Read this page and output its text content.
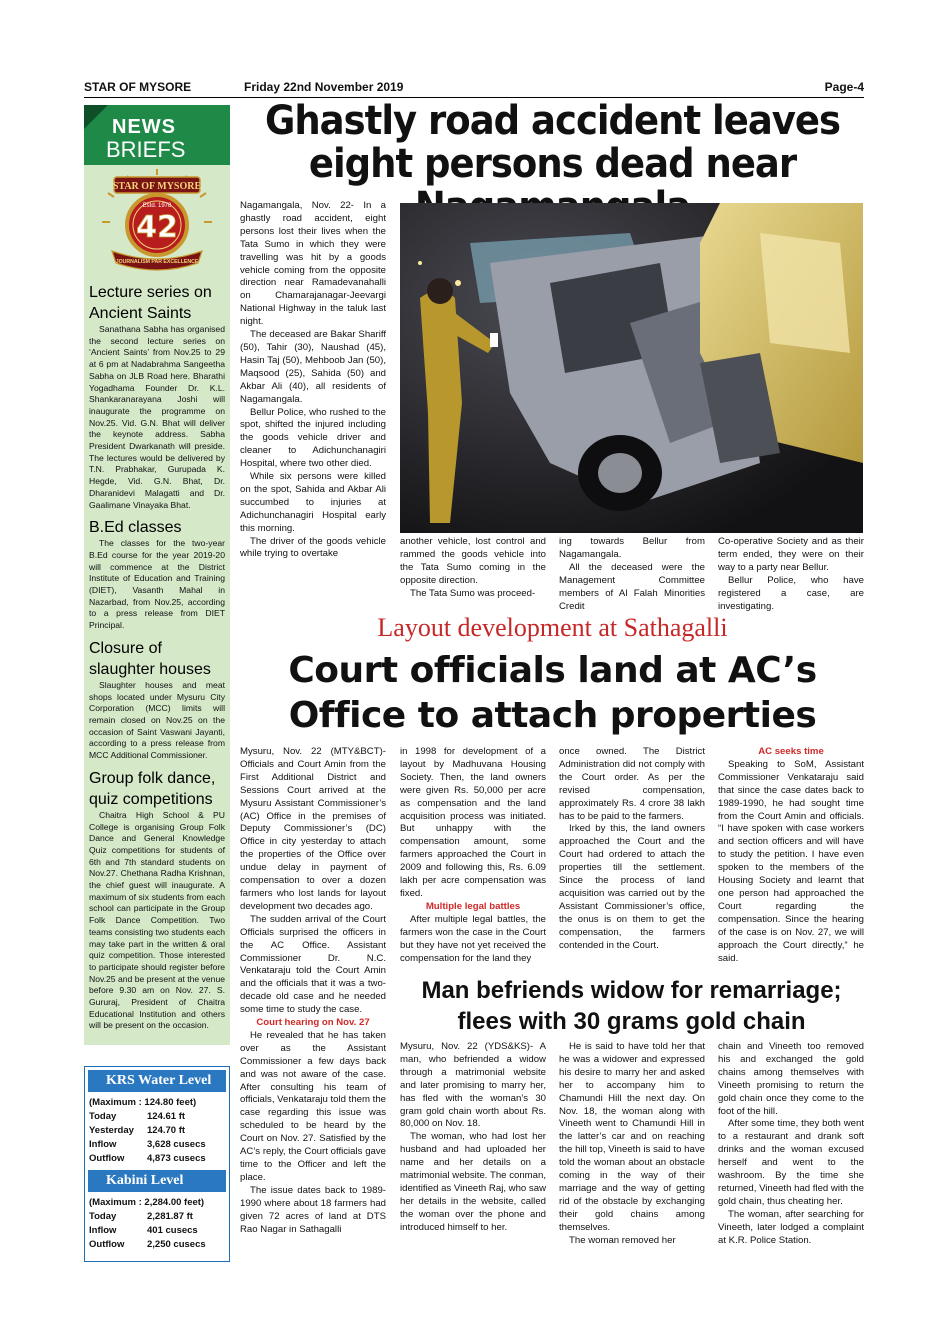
STAR OF MYSORE	Friday 22nd November 2019	Page-4
NEWS
BRIEFS
STAR OF MYSORE
Estd. 1978
42
JOURNALISM PAR EXCELLENCE
Lecture series on Ancient Saints

Sanathana Sabha has organised the second lecture series on ‘Ancient Saints’ from Nov.25 to 29 at 6 pm at Nadabrahma Sangeetha Sabha on JLB Road here. Bharathi Yogadhama Founder Dr. K.L. Shankaranarayana Joshi will inaugurate the programme on Nov.25. Vid. G.N. Bhat will deliver the keynote address. Sabha President Dwarkanath will preside. The lectures would be delivered by T.N. Prabhakar, Gurupada K. Hegde, Vid. G.N. Bhat, Dr. Dharanidevi Malagatti and Dr. Gaalimane Vinayaka Bhat.

B.Ed classes

The classes for the two-year B.Ed course for the year 2019-20 will commence at the District Institute of Education and Training (DIET), Vasanth Mahal in Nazarbad, from Nov.25, according to a press release from DIET Principal.

Closure of slaughter houses

Slaughter houses and meat shops located under Mysuru City Corporation (MCC) limits will remain closed on Nov.25 on the occasion of Saint Vaswani Jayanti, according to a press release from MCC Additional Commissioner.

Group folk dance, quiz competitions

Chaitra High School & PU College is organising Group Folk Dance and General Knowledge Quiz competitions for students of 6th and 7th standard students on Nov.27. Chethana Radha Krishnan, the chief guest will inaugurate. A maximum of six students from each school can participate in the Group Folk Dance Competition. Two teams consisting two students each may take part in the written & oral quiz competition. Those interested to participate should register before Nov.25 and be present at the venue before 9.30 am on Nov. 27. S. Gururaj, President of Chaitra Educational Institution and others will be present on the occasion.

KRS Water Level
(Maximum : 124.80 feet)
Today	124.61 ft
Yesterday	124.70 ft
Inflow	3,628 cusecs
Outflow	4,873 cusecs
Kabini Level
(Maximum : 2,284.00 feet)
Today	2,281.87 ft
Inflow	401 cusecs
Outflow	2,250 cusecs
Ghastly road accident leaves eight persons dead near

Nagamangala, Nov. 22- In a ghastly road accident, eight persons lost their lives when the Tata Sumo in which they were travelling was hit by a goods vehicle coming from the opposite direction near Ramadevanahalli on Chamarajanagar-Jeevargi National Highway in the taluk last night.

The deceased are Bakar Shariff (50), Tahir (30), Naushad (45), Hasin Taj (50), Mehboob Jan (50), Maqsood (25), Sahida (50) and Akbar Ali (40), all residents of Nagamangala.

Bellur Police, who rushed to the spot, shifted the injured including the goods vehicle driver and cleaner to Adichunchanagiri Hospital, where two other died.

While six persons were killed on the spot, Sahida and Akbar Ali succumbed to injuries at Adichunchanagiri Hospital early this morning.

The driver of the goods vehicle while trying to overtake

another vehicle, lost control and rammed the goods vehicle into the Tata Sumo coming in the opposite direction.

The Tata Sumo was proceed-

ing towards Bellur from Nagamangala.

All the deceased were the Management Committee members of Al Falah Minorities Credit

Co-operative Society and as their term ended, they were on their way to a party near Bellur.

Bellur Police, who have registered a case, are investigating.

Layout development at Sathagalli
Court officials land at AC’s Office to attach properties

Mysuru, Nov. 22 (MTY&BCT)- Officials and Court Amin from the First Additional District and Sessions Court arrived at the Mysuru Assistant Commissioner’s (AC) Office in the premises of Deputy Commissioner’s (DC) Office in city yesterday to attach the properties of the Office over undue delay in payment of compensation to over a dozen farmers who lost lands for layout development two decades ago.

The sudden arrival of the Court Officials surprised the officers in the AC Office. Assistant Commissioner Dr. N.C. Venkataraju told the Court Amin and the officials that it was a two-decade old case and he needed some time to study the case.

Court hearing on Nov. 27

He revealed that he has taken over as the Assistant Commissioner a few days back and was not aware of the case. After consulting his team of officials, Venkataraju told them the case regarding this issue was scheduled to be heard by the Court on Nov. 27. Satisfied by the AC’s reply, the Court officials gave time to the Officer and left the place.

The issue dates back to 1989-1990 where about 18 farmers had given 72 acres of land at DTS Rao Nagar in Sathagalli

in 1998 for development of a layout by Madhuvana Housing Society. Then, the land owners were given Rs. 50,000 per acre as compensation and the land acquisition process was initiated. But unhappy with the compensation amount, some farmers approached the Court in 2009 and following this, Rs. 6.09 lakh per acre compensation was fixed.

Multiple legal battles

After multiple legal battles, the farmers won the case in the Court but they have not yet received the compensation for the land they

once owned. The District Administration did not comply with the Court order. As per the revised compensation, approximately Rs. 4 crore 38 lakh has to be paid to the farmers.

Irked by this, the land owners approached the Court and the Court had ordered to attach the properties till the settlement. Since the process of land acquisition was carried out by the Assistant Commissioner’s office, the onus is on them to get the compensation, the farmers contended in the Court.

AC seeks time

Speaking to SoM, Assistant Commissioner Venkataraju said that since the case dates back to 1989-1990, he had sought time from the Court Amin and officials. “I have spoken with case workers and section officers and will have to study the petition. I have even spoken to the members of the Housing Society and learnt that one person had approached the Court regarding the compensation. Since the hearing of the case is on Nov. 27, we will approach the Court directly,” he said.

Man befriends widow for remarriage; flees with 30 grams gold chain

Mysuru, Nov. 22 (YDS&KS)- A man, who befriended a widow through a matrimonial website and later promising to marry her, has fled with the woman’s 30 gram gold chain worth about Rs. 80,000 on Nov. 18.

The woman, who had lost her husband and had uploaded her name and her details on a matrimonial website. The conman, identified as Vineeth Raj, who saw her details in the website, called the woman over the phone and introduced himself to her.

He is said to have told her that he was a widower and expressed his desire to marry her and asked her to accompany him to Chamundi Hill the next day. On Nov. 18, the woman along with Vineeth went to Chamundi Hill in the latter’s car and on reaching the hill top, Vineeth is said to have told the woman about an obstacle coming in the way of their marriage and the way of getting rid of the obstacle by exchanging their gold chains among themselves.

The woman removed her

chain and Vineeth too removed his and exchanged the gold chains among themselves with Vineeth promising to return the gold chain once they come to the foot of the hill.

After some time, they both went to a restaurant and drank soft drinks and the woman excused herself and went to the washroom. By the time she returned, Vineeth had fled with the gold chain, thus cheating her.

The woman, after searching for Vineeth, later lodged a complaint at K.R. Police Station.
